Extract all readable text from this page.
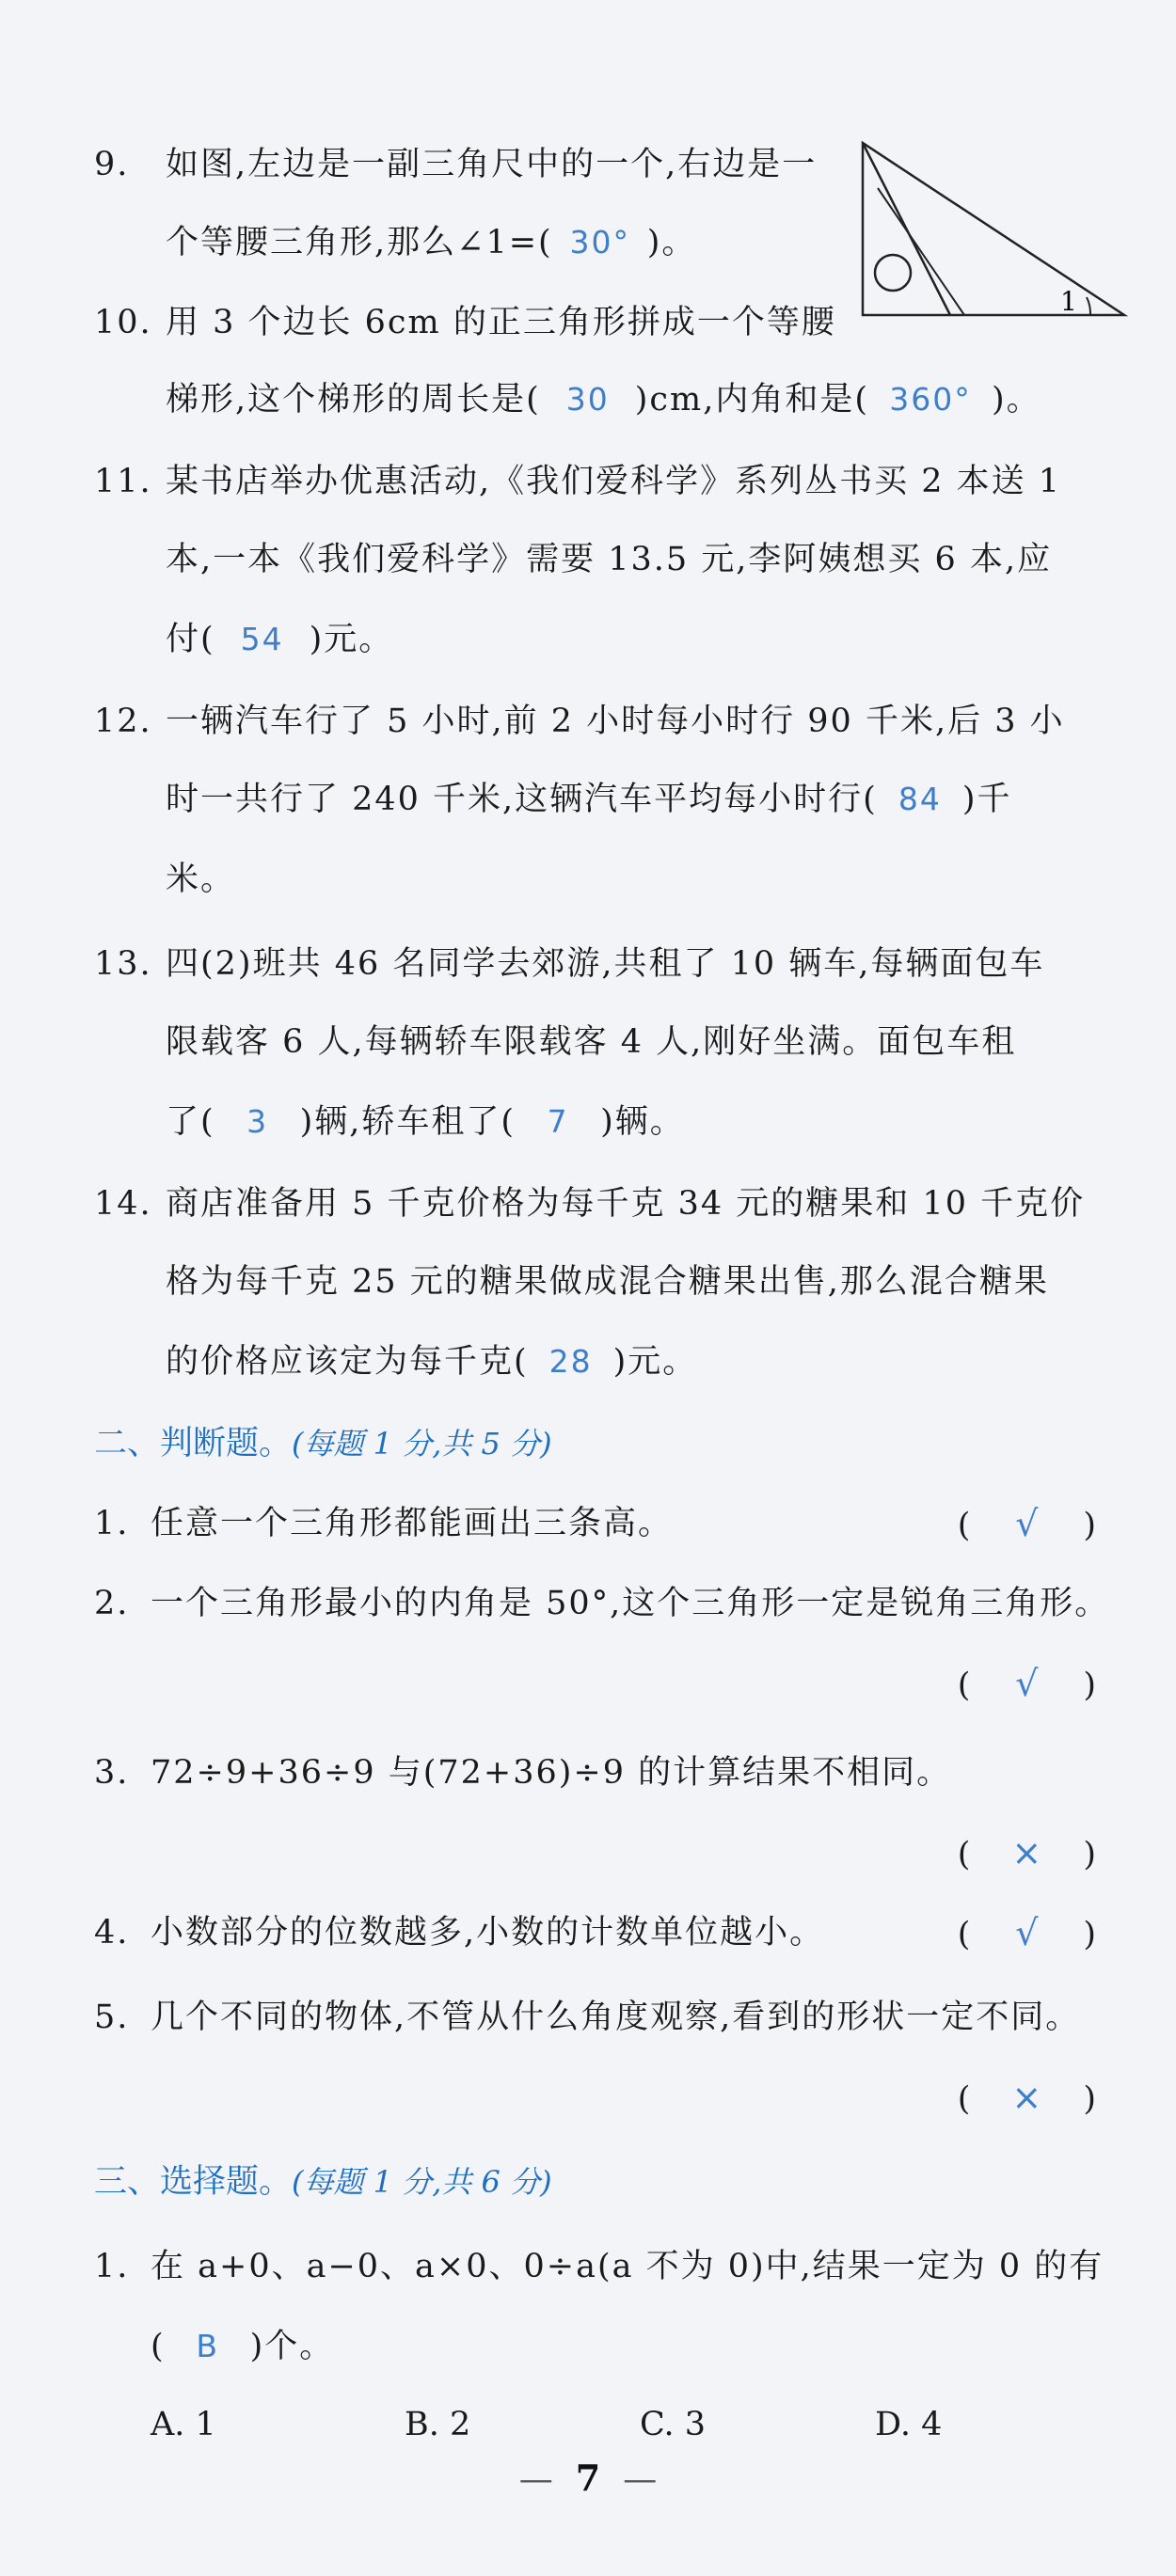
9. 如图,左边是一副三角尺中的一个,右边是一
个等腰三角形,那么∠1=( 30° )。
1
10. 用 3 个边长 6cm 的正三角形拼成一个等腰
梯形,这个梯形的周长是( 30 )cm,内角和是( 360° )。
11. 某书店举办优惠活动,《我们爱科学》系列丛书买 2 本送 1
本,一本《我们爱科学》需要 13.5 元,李阿姨想买 6 本,应
付( 54 )元。
12. 一辆汽车行了 5 小时,前 2 小时每小时行 90 千米,后 3 小
时一共行了 240 千米,这辆汽车平均每小时行( 84 )千
米。
13. 四(2)班共 46 名同学去郊游,共租了 10 辆车,每辆面包车
限载客 6 人,每辆轿车限载客 4 人,刚好坐满。面包车租
了( 3 )辆,轿车租了( 7 )辆。
14. 商店准备用 5 千克价格为每千克 34 元的糖果和 10 千克价
格为每千克 25 元的糖果做成混合糖果出售,那么混合糖果
的价格应该定为每千克( 28 )元。
二、判断题。(每题 1 分,共 5 分)
1. 任意一个三角形都能画出三条高。	( √ )
2. 一个三角形最小的内角是 50°,这个三角形一定是锐角三角形。
( √ )
3. 72÷9+36÷9 与(72+36)÷9 的计算结果不相同。
( × )
4. 小数部分的位数越多,小数的计数单位越小。	( √ )
5. 几个不同的物体,不管从什么角度观察,看到的形状一定不同。
( × )
三、选择题。(每题 1 分,共 6 分)
1. 在 a+0、a−0、a×0、0÷a(a 不为 0)中,结果一定为 0 的有
( B )个。
A. 1	B. 2	C. 3	D. 4
— 7 —
